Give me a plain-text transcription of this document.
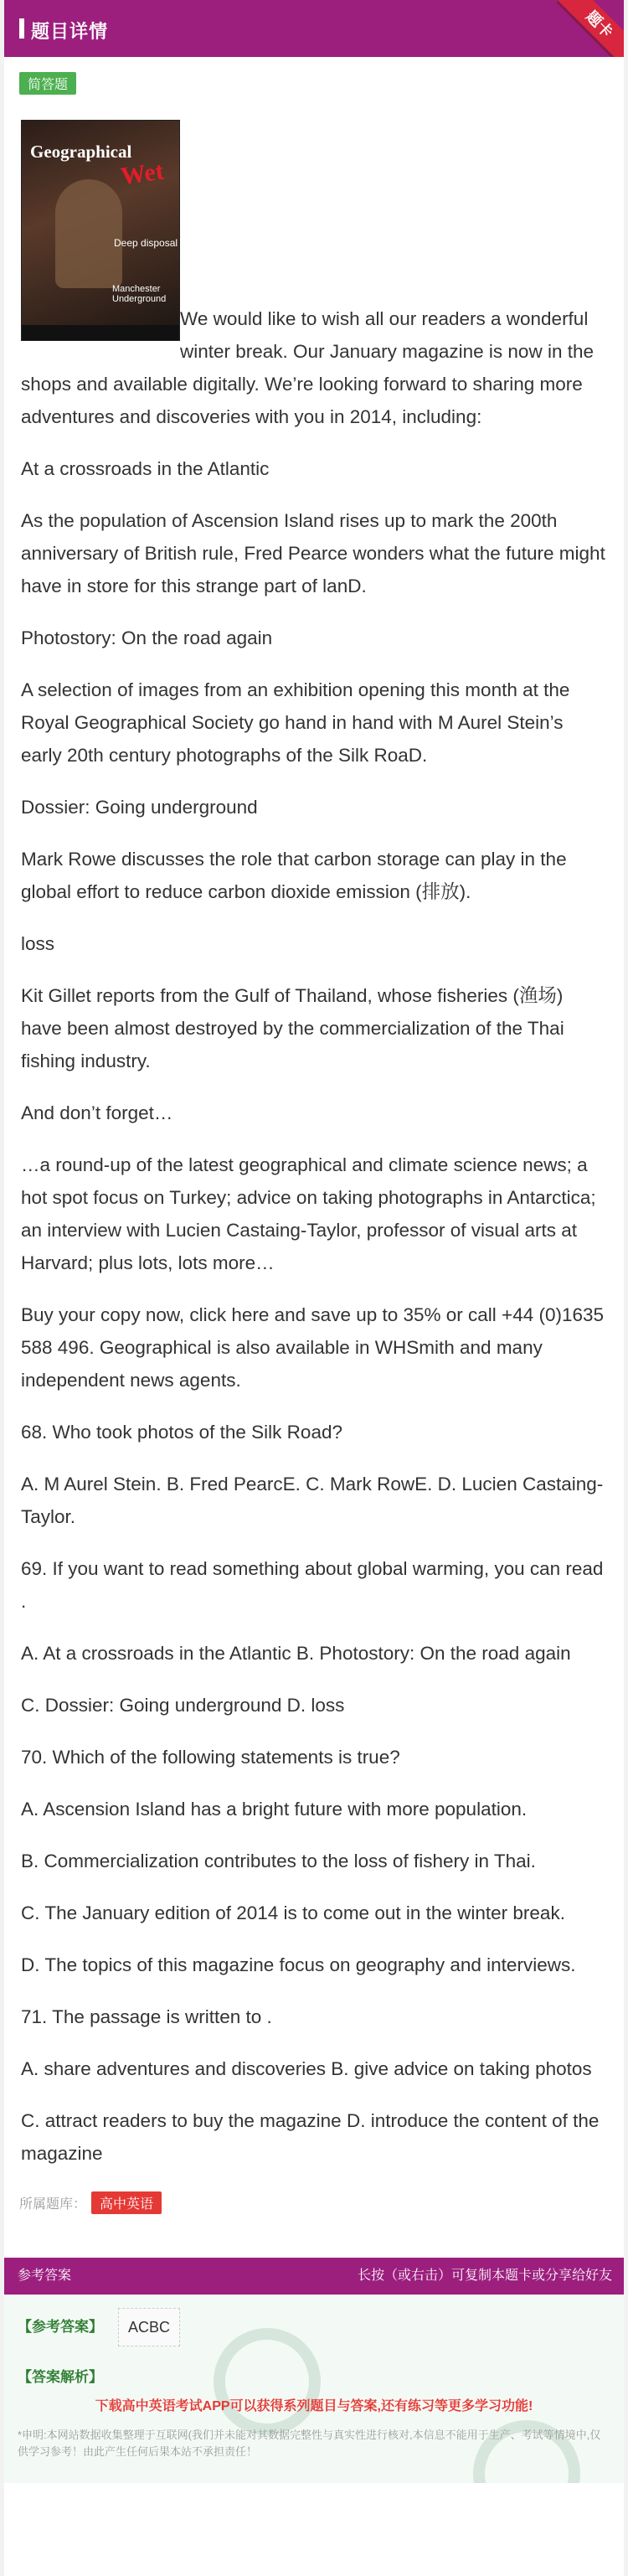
题目详情	题卡
简答题

Geographical
Wet
Deep disposal
Manchester Underground
We would like to wish all our readers a wonderful winter break. Our January magazine is now in the shops and available digitally. We’re looking forward to sharing more adventures and discoveries with you in 2014, including:

At a crossroads in the Atlantic

As the population of Ascension Island rises up to mark the 200th anniversary of British rule, Fred Pearce wonders what the future might have in store for this strange part of lanD.

Photostory: On the road again

A selection of images from an exhibition opening this month at the Royal Geographical Society go hand in hand with M Aurel Stein’s early 20th century photographs of the Silk RoaD.

Dossier: Going underground

Mark Rowe discusses the role that carbon storage can play in the global effort to reduce carbon dioxide emission (排放).

loss

Kit Gillet reports from the Gulf of Thailand, whose fisheries (渔场) have been almost destroyed by the commercialization of the Thai fishing industry.

And don’t forget…

…a round-up of the latest geographical and climate science news; a hot spot focus on Turkey; advice on taking photographs in Antarctica; an interview with Lucien Castaing-Taylor, professor of visual arts at Harvard; plus lots, lots more…

Buy your copy now, click here and save up to 35% or call +44 (0)1635 588 496. Geographical is also available in WHSmith and many independent news agents.

68. Who took photos of the Silk Road?

A. M Aurel Stein. B. Fred PearcE. C. Mark RowE. D. Lucien Castaing-Taylor.

69. If you want to read something about global warming, you can read .

A. At a crossroads in the Atlantic B. Photostory: On the road again

C. Dossier: Going underground D. loss

70. Which of the following statements is true?

A. Ascension Island has a bright future with more population.

B. Commercialization contributes to the loss of fishery in Thai.

C. The January edition of 2014 is to come out in the winter break.

D. The topics of this magazine focus on geography and interviews.

71. The passage is written to .

A. share adventures and discoveries B. give advice on taking photos

C. attract readers to buy the magazine D. introduce the content of the magazine

所属题库： 高中英语
参考答案	长按（或右击）可复制本题卡或分享给好友
【参考答案】	ACBC
【答案解析】
下载高中英语考试APP可以获得系列题目与答案,还有练习等更多学习功能!
*申明:本网站数据收集整理于互联网(我们并未能对其数据完整性与真实性进行核对,本信息不能用于生产、考试等情境中,仅供学习参考！由此产生任何后果本站不承担责任！
